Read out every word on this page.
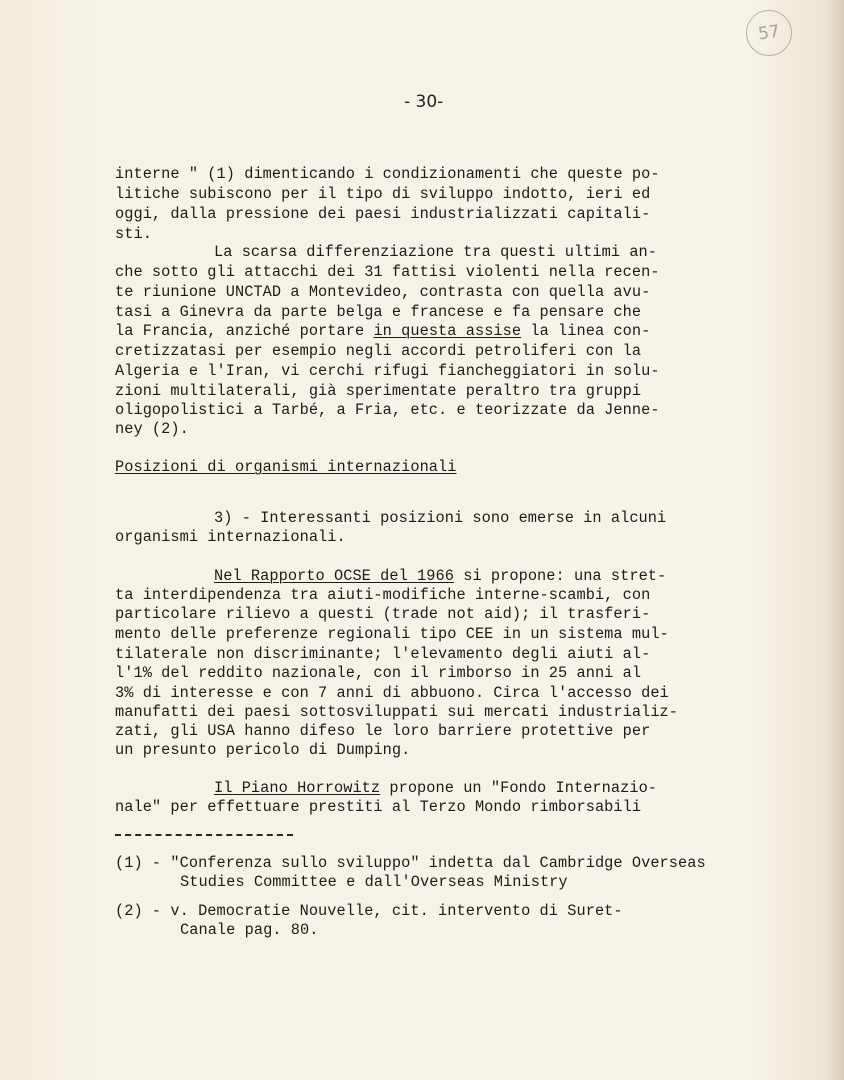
57
- 30-
interne " (1) dimenticando i condizionamenti che queste po-
litiche subiscono per il tipo di sviluppo indotto, ieri ed
oggi, dalla pressione dei paesi industrializzati capitali-
sti.
La scarsa differenziazione tra questi ultimi an-
che sotto gli attacchi dei 31 fattisi violenti nella recen-
te riunione UNCTAD a Montevideo, contrasta con quella avu-
tasi a Ginevra da parte belga e francese e fa pensare che
la Francia, anziché portare in questa assise la linea con-
cretizzatasi per esempio negli accordi petroliferi con la
Algeria e l'Iran, vi cerchi rifugi fiancheggiatori in solu-
zioni multilaterali, già sperimentate peraltro tra gruppi
oligopolistici a Tarbé, a Fria, etc. e teorizzate da Jenne-
ney (2).
Posizioni di organismi internazionali
3) - Interessanti posizioni sono emerse in alcuni
organismi internazionali.
Nel Rapporto OCSE del 1966 si propone: una stret-
ta interdipendenza tra aiuti-modifiche interne-scambi, con
particolare rilievo a questi (trade not aid); il trasferi-
mento delle preferenze regionali tipo CEE in un sistema mul-
tilaterale non discriminante; l'elevamento degli aiuti al-
l'1% del reddito nazionale, con il rimborso in 25 anni al
3% di interesse e con 7 anni di abbuono. Circa l'accesso dei
manufatti dei paesi sottosviluppati sui mercati industrializ-
zati, gli USA hanno difeso le loro barriere protettive per
un presunto pericolo di Dumping.
Il Piano Horrowitz propone un "Fondo Internazio-
nale" per effettuare prestiti al Terzo Mondo rimborsabili
(1) - "Conferenza sullo sviluppo" indetta dal Cambridge Overseas
Studies Committee e dall'Overseas Ministry
(2) - v. Democratie Nouvelle, cit. intervento di Suret-
Canale pag. 80.
